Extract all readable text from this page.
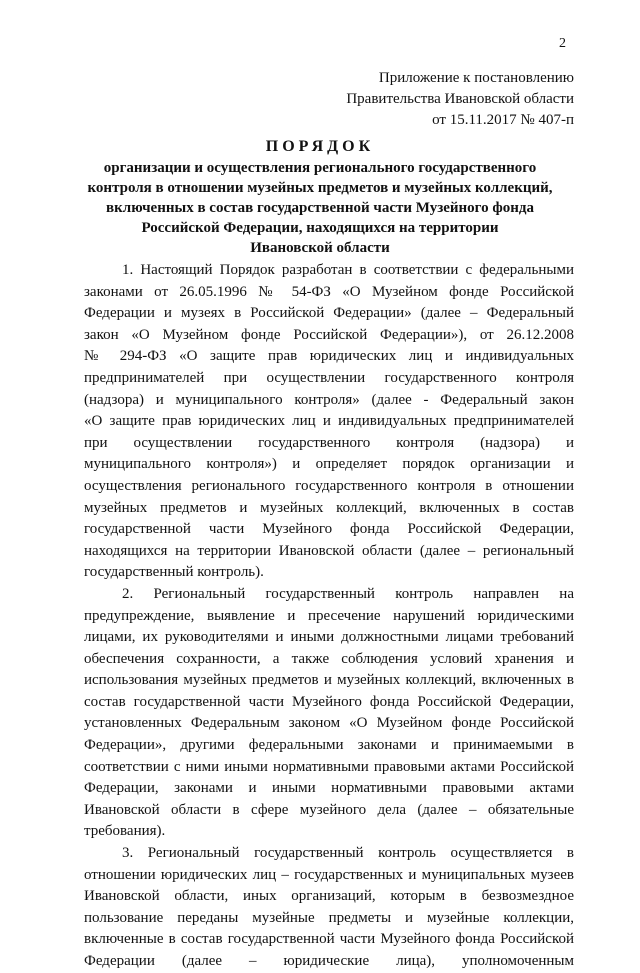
2
Приложение к постановлению
Правительства Ивановской области
от 15.11.2017 № 407-п
ПОРЯДОК
организации и осуществления регионального государственного
контроля в отношении музейных предметов и музейных коллекций,
включенных в состав государственной части Музейного фонда
Российской Федерации, находящихся на территории
Ивановской области
1. Настоящий Порядок разработан в соответствии с федеральными
законами от 26.05.1996 № 54-ФЗ «О Музейном фонде Российской
Федерации и музеях в Российской Федерации» (далее – Федеральный
закон «О Музейном фонде Российской Федерации»), от 26.12.2008
№ 294-ФЗ «О защите прав юридических лиц и индивидуальных
предпринимателей при осуществлении государственного контроля
(надзора) и муниципального контроля» (далее - Федеральный закон
«О защите прав юридических лиц и индивидуальных предпринимателей
при осуществлении государственного контроля (надзора) и
муниципального контроля») и определяет порядок организации и
осуществления регионального государственного контроля в отношении
музейных предметов и музейных коллекций, включенных в состав
государственной части Музейного фонда Российской Федерации,
находящихся на территории Ивановской области (далее – региональный
государственный контроль).
2. Региональный государственный контроль направлен на
предупреждение, выявление и пресечение нарушений юридическими
лицами, их руководителями и иными должностными лицами требований
обеспечения сохранности, а также соблюдения условий хранения и
использования музейных предметов и музейных коллекций, включенных в
состав государственной части Музейного фонда Российской Федерации,
установленных Федеральным законом «О Музейном фонде Российской
Федерации», другими федеральными законами и принимаемыми в
соответствии с ними иными нормативными правовыми актами Российской
Федерации, законами и иными нормативными правовыми актами
Ивановской области в сфере музейного дела (далее – обязательные
требования).
3. Региональный государственный контроль осуществляется в
отношении юридических лиц – государственных и муниципальных музеев
Ивановской области, иных организаций, которым в безвозмездное
пользование переданы музейные предметы и музейные коллекции,
включенные в состав государственной части Музейного фонда Российской
Федерации (далее – юридические лица), уполномоченным
